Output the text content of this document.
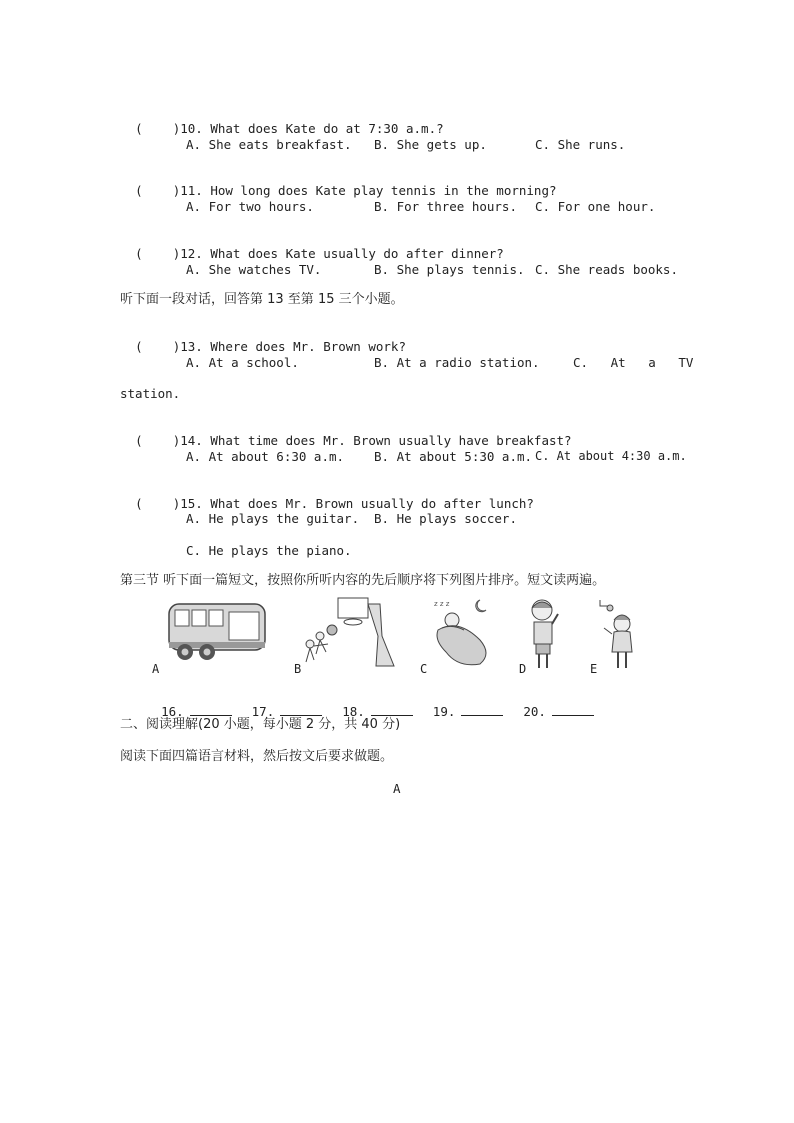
(    )10. What does Kate do at 7:30 a.m.?

A. She eats breakfast. B. She gets up.	C. She runs.

(    )11. How long does Kate play tennis in the morning?

A. For two hours.	B. For three hours. C. For one hour.

(    )12. What does Kate usually do after dinner?

A. She watches TV.	B. She plays tennis. C. She reads books.
听下面一段对话，回答第 13 至第 15 三个小题。

(    )13. Where does Mr. Brown work?

A. At a school.	B. At a radio station.	C.   At   a   TV
station.

(    )14. What time does Mr. Brown usually have breakfast?

A. At about 6:30 a.m. B. At about 5:30 a.m. C. At about 4:30 a.m.

(    )15. What does Mr. Brown usually do after lunch?

A. He plays the guitar. B. He plays soccer.
C. He plays the piano.
第三节 听下面一篇短文，按照你所听内容的先后顺序将下列图片排序。短文读两遍。
z z z
A	B	C	D	E

16.	17.	18.	19.	20.

二、阅读理解(20 小题，每小题 2 分，共 40 分)
阅读下面四篇语言材料，然后按文后要求做题。
A
